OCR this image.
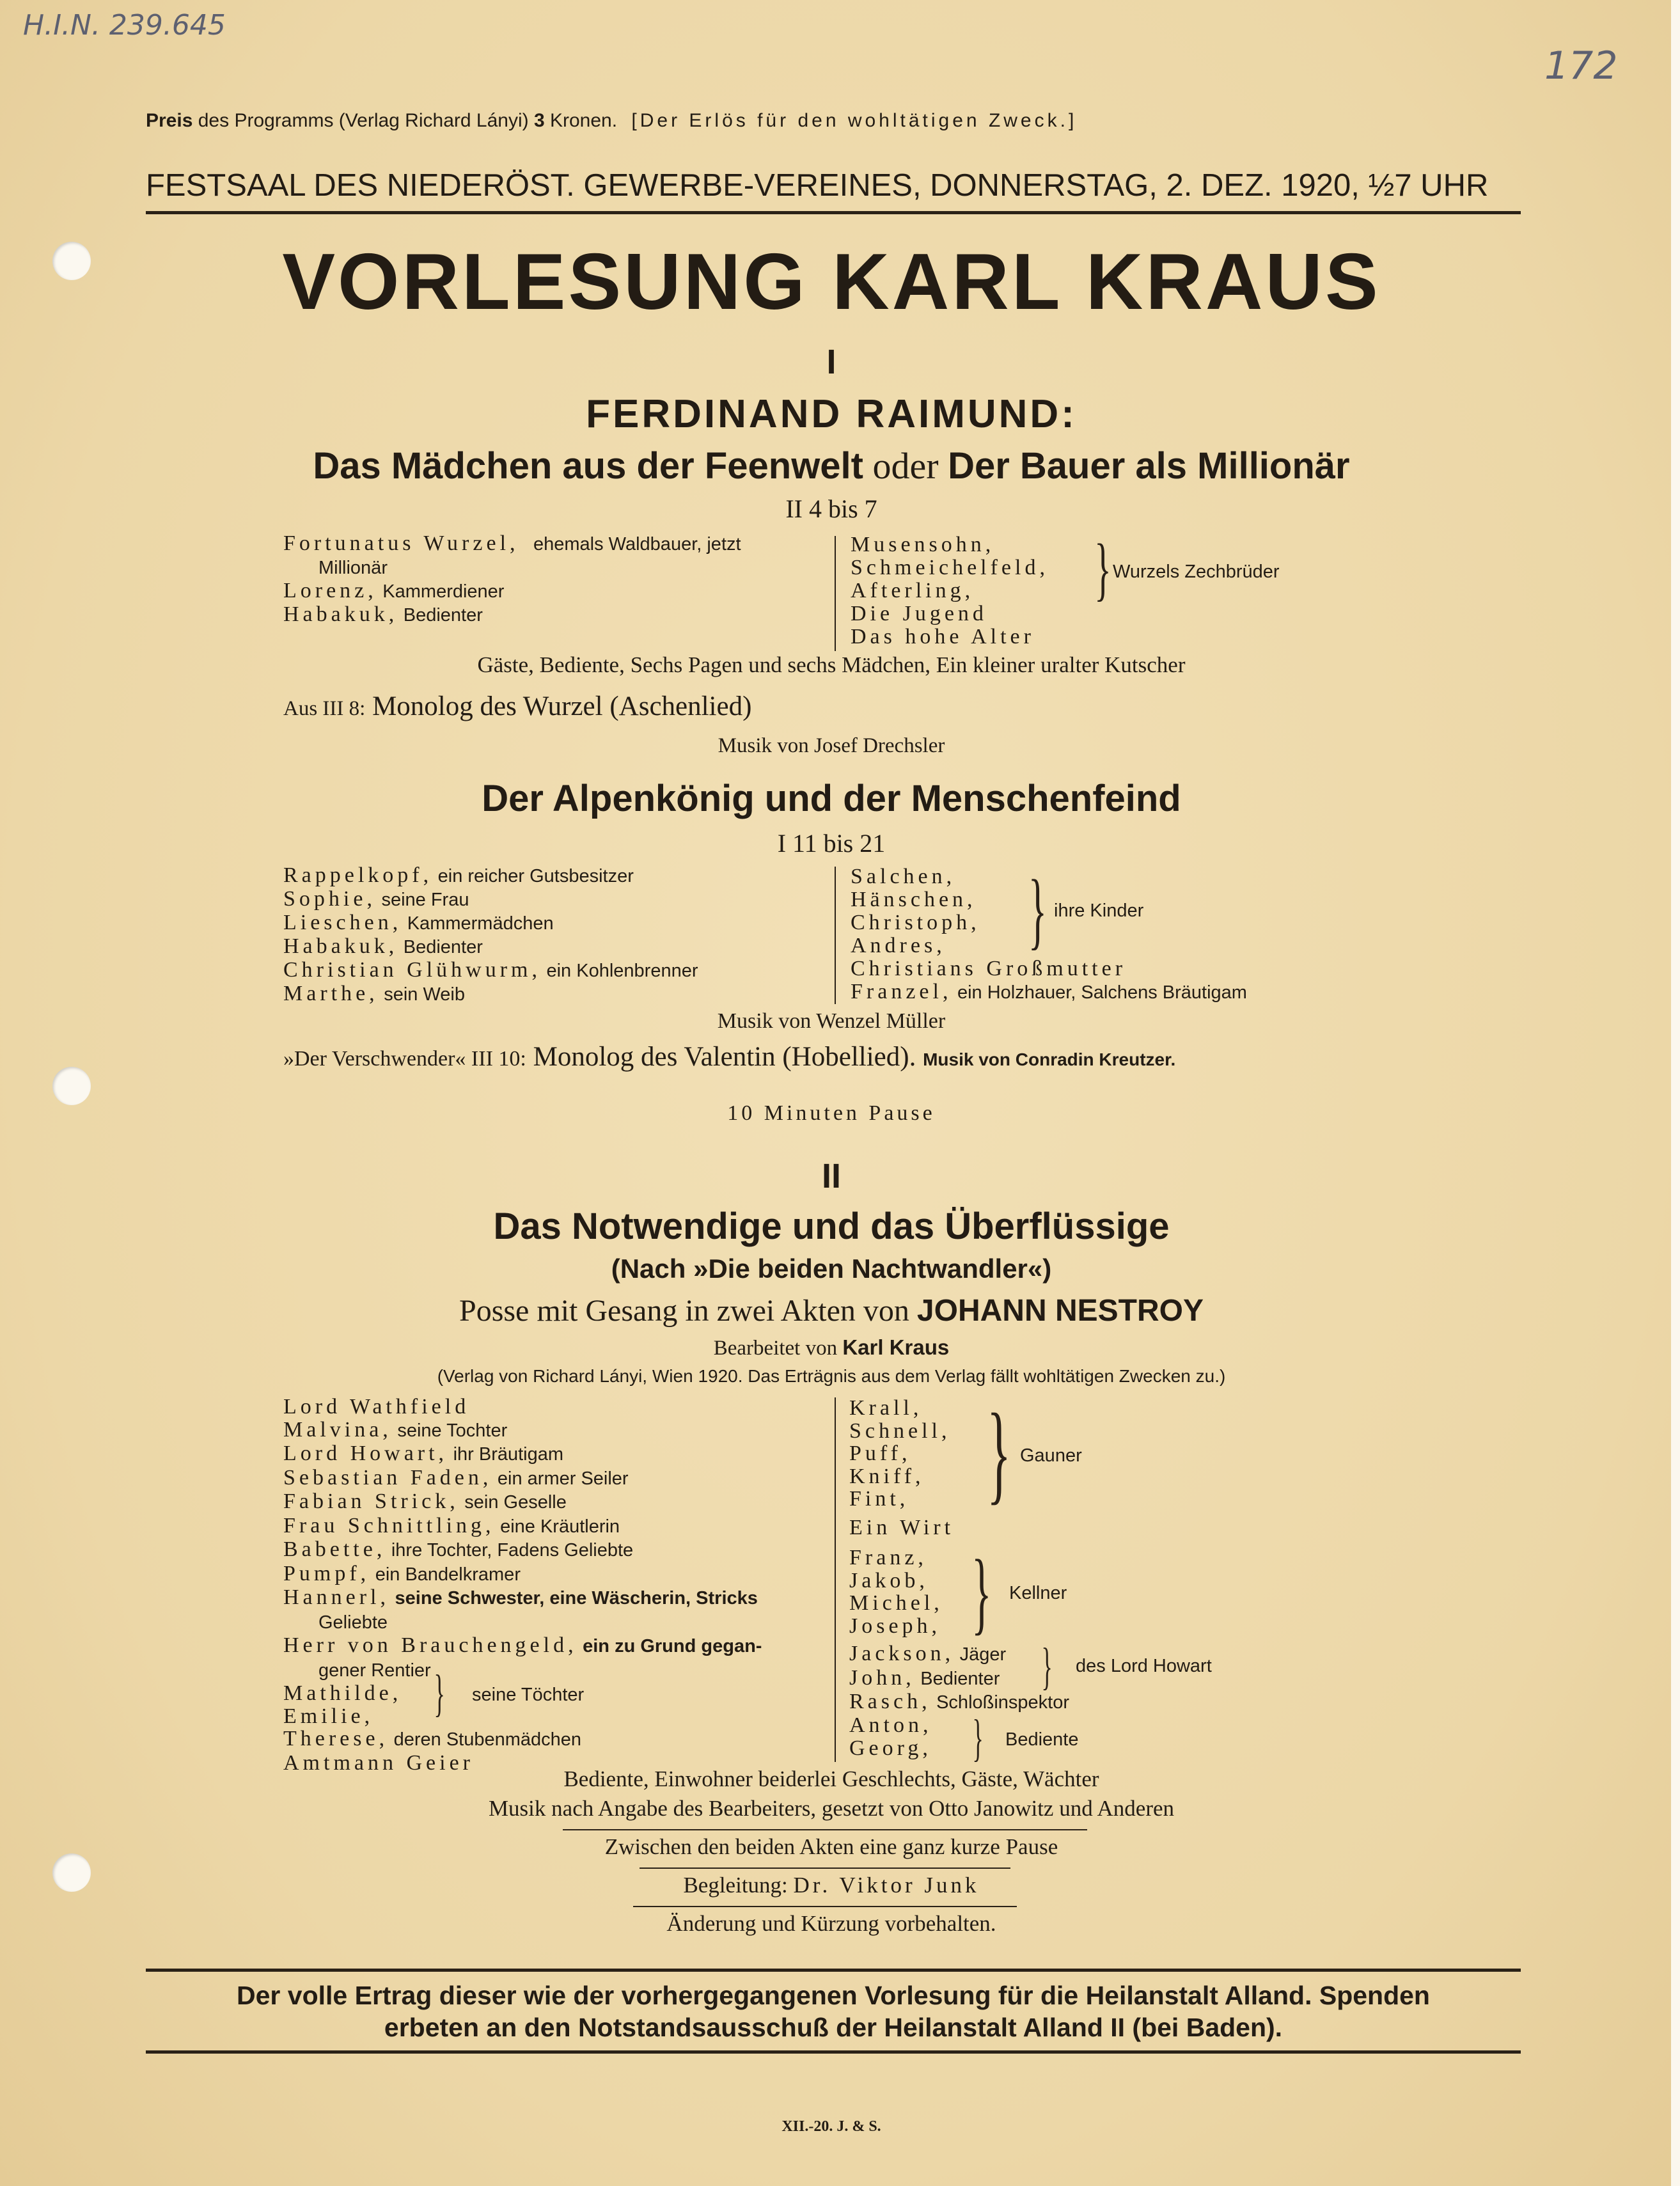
H.I.N. 239.645
172
Preis des Programms (Verlag Richard Lányi) 3 Kronen. [Der Erlös für den wohltätigen Zweck.]
FESTSAAL DES NIEDERÖST. GEWERBE-VEREINES, DONNERSTAG, 2. DEZ. 1920, ½7 UHR
VORLESUNG KARL KRAUS
I
FERDINAND RAIMUND:
Das Mädchen aus der Feenwelt oder Der Bauer als Millionär
II 4 bis 7
Fortunatus Wurzel, ehemals Waldbauer, jetzt
Millionär
Lorenz, Kammerdiener
Habakuk, Bedienter
Musensohn,
Schmeichelfeld,
Afterling,
Die Jugend
Das hohe Alter
} Wurzels Zechbrüder
Gäste, Bediente, Sechs Pagen und sechs Mädchen, Ein kleiner uralter Kutscher
Aus III 8: Monolog des Wurzel (Aschenlied)
Musik von Josef Drechsler
Der Alpenkönig und der Menschenfeind
I 11 bis 21
Rappelkopf, ein reicher Gutsbesitzer
Sophie, seine Frau
Lieschen, Kammermädchen
Habakuk, Bedienter
Christian Glühwurm, ein Kohlenbrenner
Marthe, sein Weib
Salchen,
Hänschen,
Christoph,
Andres,
Christians Großmutter
Franzel, ein Holzhauer, Salchens Bräutigam
} ihre Kinder
Musik von Wenzel Müller
»Der Verschwender« III 10: Monolog des Valentin (Hobellied). Musik von Conradin Kreutzer.
10 Minuten Pause
II
Das Notwendige und das Überflüssige
(Nach »Die beiden Nachtwandler«)
Posse mit Gesang in zwei Akten von JOHANN NESTROY
Bearbeitet von Karl Kraus
(Verlag von Richard Lányi, Wien 1920. Das Erträgnis aus dem Verlag fällt wohltätigen Zwecken zu.)
Lord Wathfield
Malvina, seine Tochter
Lord Howart, ihr Bräutigam
Sebastian Faden, ein armer Seiler
Fabian Strick, sein Geselle
Frau Schnittling, eine Kräutlerin
Babette, ihre Tochter, Fadens Geliebte
Pumpf, ein Bandelkramer
Hannerl, seine Schwester, eine Wäscherin, Stricks
Geliebte
Herr von Brauchengeld, ein zu Grund gegan-
gener Rentier
Mathilde,
Emilie,
Therese, deren Stubenmädchen
Amtmann Geier
} seine Töchter
Krall,
Schnell,
Puff,
Kniff,
Fint, } Gauner
Ein Wirt
Franz,
Jakob,
Michel,
Joseph, } Kellner
Jackson, Jäger
John, Bedienter
Rasch, Schloßinspektor
} des Lord Howart
Anton,
Georg, } Bediente
Bediente, Einwohner beiderlei Geschlechts, Gäste, Wächter
Musik nach Angabe des Bearbeiters, gesetzt von Otto Janowitz und Anderen
Zwischen den beiden Akten eine ganz kurze Pause
Begleitung: Dr. Viktor Junk
Änderung und Kürzung vorbehalten.
Der volle Ertrag dieser wie der vorhergegangenen Vorlesung für die Heilanstalt Alland. Spenden
erbeten an den Notstandsausschuß der Heilanstalt Alland II (bei Baden).
XII.-20. J. & S.
